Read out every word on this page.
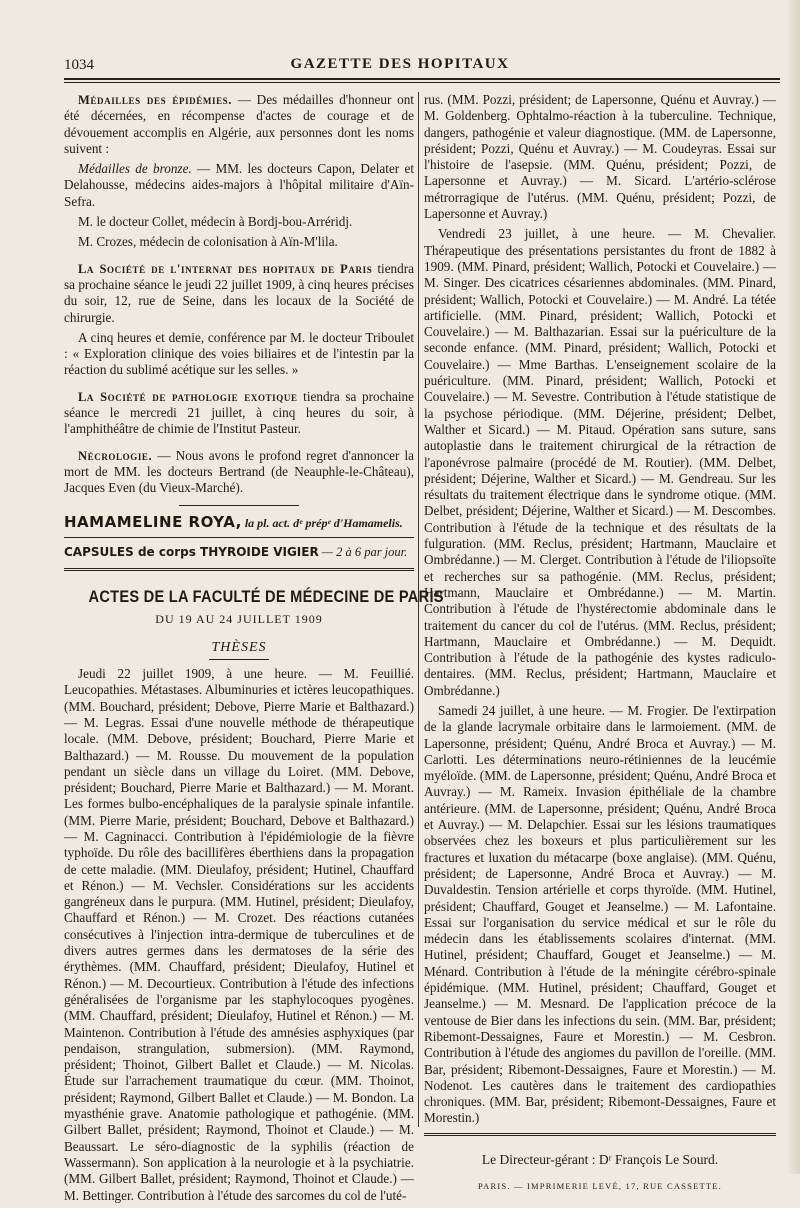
1034	GAZETTE DES HOPITAUX

Médailles des épidémies. — Des médailles d'honneur ont été décernées, en récompense d'actes de courage et de dévouement accomplis en Algérie, aux personnes dont les noms suivent :

Médailles de bronze. — MM. les docteurs Capon, Delater et Delahousse, médecins aides-majors à l'hôpital militaire d'Aïn-Sefra.

M. le docteur Collet, médecin à Bordj-bou-Arréridj.

M. Crozes, médecin de colonisation à Aïn-M'lila.

La Société de l'internat des hopitaux de Paris tiendra sa prochaine séance le jeudi 22 juillet 1909, à cinq heures précises du soir, 12, rue de Seine, dans les locaux de la Société de chirurgie.

A cinq heures et demie, conférence par M. le docteur Triboulet : « Exploration clinique des voies biliaires et de l'intestin par la réaction du sublimé acétique sur les selles. »

La Société de pathologie exotique tiendra sa prochaine séance le mercredi 21 juillet, à cinq heures du soir, à l'amphithéâtre de chimie de l'Institut Pasteur.

Nécrologie. — Nous avons le profond regret d'annoncer la mort de MM. les docteurs Bertrand (de Neauphle-le-Château), Jacques Even (du Vieux-Marché).

HAMAMELINE ROYA, la pl. act. dᵉ prépᵉ d'Hamamelis.
CAPSULES de corps THYROIDE VIGIER — 2 à 6 par jour.
ACTES DE LA FACULTÉ DE MÉDECINE DE PARIS
DU 19 AU 24 JUILLET 1909
THÈSES

Jeudi 22 juillet 1909, à une heure. — M. Feuillié. Leucopathies. Métastases. Albuminuries et ictères leucopathiques. (MM. Bouchard, président; Debove, Pierre Marie et Balthazard.) — M. Legras. Essai d'une nouvelle méthode de thérapeutique locale. (MM. Debove, président; Bouchard, Pierre Marie et Balthazard.) — M. Rousse. Du mouvement de la population pendant un siècle dans un village du Loiret. (MM. Debove, président; Bouchard, Pierre Marie et Balthazard.) — M. Morant. Les formes bulbo-encéphaliques de la paralysie spinale infantile. (MM. Pierre Marie, président; Bouchard, Debove et Balthazard.) — M. Cagninacci. Contribution à l'épidémiologie de la fièvre typhoïde. Du rôle des bacillifères éberthiens dans la propagation de cette maladie. (MM. Dieulafoy, président; Hutinel, Chauffard et Rénon.) — M. Vechsler. Considérations sur les accidents gangréneux dans le purpura. (MM. Hutinel, président; Dieulafoy, Chauffard et Rénon.) — M. Crozet. Des réactions cutanées consécutives à l'injection intra-dermique de tuberculines et de divers autres germes dans les dermatoses de la série des érythèmes. (MM. Chauffard, président; Dieulafoy, Hutinel et Rénon.) — M. Decourtieux. Contribution à l'étude des infections généralisées de l'organisme par les staphylocoques pyogènes. (MM. Chauffard, président; Dieulafoy, Hutinel et Rénon.) — M. Maintenon. Contribution à l'étude des amnésies asphyxiques (par pendaison, strangulation, submersion). (MM. Raymond, président; Thoinot, Gilbert Ballet et Claude.) — M. Nicolas. Étude sur l'arrachement traumatique du cœur. (MM. Thoinot, président; Raymond, Gilbert Ballet et Claude.) — M. Bondon. La myasthénie grave. Anatomie pathologique et pathogénie. (MM. Gilbert Ballet, président; Raymond, Thoinot et Claude.) — M. Beaussart. Le séro-diagnostic de la syphilis (réaction de Wassermann). Son application à la neurologie et à la psychiatrie. (MM. Gilbert Ballet, président; Raymond, Thoinot et Claude.) — M. Bettinger. Contribution à l'étude des sarcomes du col de l'uté-

rus. (MM. Pozzi, président; de Lapersonne, Quénu et Auvray.) — M. Goldenberg. Ophtalmo-réaction à la tuberculine. Technique, dangers, pathogénie et valeur diagnostique. (MM. de Lapersonne, président; Pozzi, Quénu et Auvray.) — M. Coudeyras. Essai sur l'histoire de l'asepsie. (MM. Quénu, président; Pozzi, de Lapersonne et Auvray.) — M. Sicard. L'artério-sclérose métrorragique de l'utérus. (MM. Quénu, président; Pozzi, de Lapersonne et Auvray.)

Vendredi 23 juillet, à une heure. — M. Chevalier. Thérapeutique des présentations persistantes du front de 1882 à 1909. (MM. Pinard, président; Wallich, Potocki et Couvelaire.) — M. Singer. Des cicatrices césariennes abdominales. (MM. Pinard, président; Wallich, Potocki et Couvelaire.) — M. André. La tétée artificielle. (MM. Pinard, président; Wallich, Potocki et Couvelaire.) — M. Balthazarian. Essai sur la puériculture de la seconde enfance. (MM. Pinard, président; Wallich, Potocki et Couvelaire.) — Mme Barthas. L'enseignement scolaire de la puériculture. (MM. Pinard, président; Wallich, Potocki et Couvelaire.) — M. Sevestre. Contribution à l'étude statistique de la psychose périodique. (MM. Déjerine, président; Delbet, Walther et Sicard.) — M. Pitaud. Opération sans suture, sans autoplastie dans le traitement chirurgical de la rétraction de l'aponévrose palmaire (procédé de M. Routier). (MM. Delbet, président; Déjerine, Walther et Sicard.) — M. Gendreau. Sur les résultats du traitement électrique dans le syndrome otique. (MM. Delbet, président; Déjerine, Walther et Sicard.) — M. Descombes. Contribution à l'étude de la technique et des résultats de la fulguration. (MM. Reclus, président; Hartmann, Mauclaire et Ombrédanne.) — M. Clerget. Contribution à l'étude de l'iliopsoïte et recherches sur sa pathogénie. (MM. Reclus, président; Hartmann, Mauclaire et Ombrédanne.) — M. Martin. Contribution à l'étude de l'hystérectomie abdominale dans le traitement du cancer du col de l'utérus. (MM. Reclus, président; Hartmann, Mauclaire et Ombrédanne.) — M. Dequidt. Contribution à l'étude de la pathogénie des kystes radiculo-dentaires. (MM. Reclus, président; Hartmann, Mauclaire et Ombrédanne.)

Samedi 24 juillet, à une heure. — M. Frogier. De l'extirpation de la glande lacrymale orbitaire dans le larmoiement. (MM. de Lapersonne, président; Quénu, André Broca et Auvray.) — M. Carlotti. Les déterminations neuro-rétiniennes de la leucémie myéloïde. (MM. de Lapersonne, président; Quénu, André Broca et Auvray.) — M. Rameix. Invasion épithéliale de la chambre antérieure. (MM. de Lapersonne, président; Quénu, André Broca et Auvray.) — M. Delapchier. Essai sur les lésions traumatiques observées chez les boxeurs et plus particulièrement sur les fractures et luxation du métacarpe (boxe anglaise). (MM. Quénu, président; de Lapersonne, André Broca et Auvray.) — M. Duvaldestin. Tension artérielle et corps thyroïde. (MM. Hutinel, président; Chauffard, Gouget et Jeanselme.) — M. Lafontaine. Essai sur l'organisation du service médical et sur le rôle du médecin dans les établissements scolaires d'internat. (MM. Hutinel, président; Chauffard, Gouget et Jeanselme.) — M. Ménard. Contribution à l'étude de la méningite cérébro-spinale épidémique. (MM. Hutinel, président; Chauffard, Gouget et Jeanselme.) — M. Mesnard. De l'application précoce de la ventouse de Bier dans les infections du sein. (MM. Bar, président; Ribemont-Dessaignes, Faure et Morestin.) — M. Cesbron. Contribution à l'étude des angiomes du pavillon de l'oreille. (MM. Bar, président; Ribemont-Dessaignes, Faure et Morestin.) — M. Nodenot. Les cautères dans le traitement des cardiopathies chroniques. (MM. Bar, président; Ribemont-Dessaignes, Faure et Morestin.)

Le Directeur-gérant : Dʳ François Le Sourd.
PARIS. — IMPRIMERIE LEVÉ, 17, RUE CASSETTE.
